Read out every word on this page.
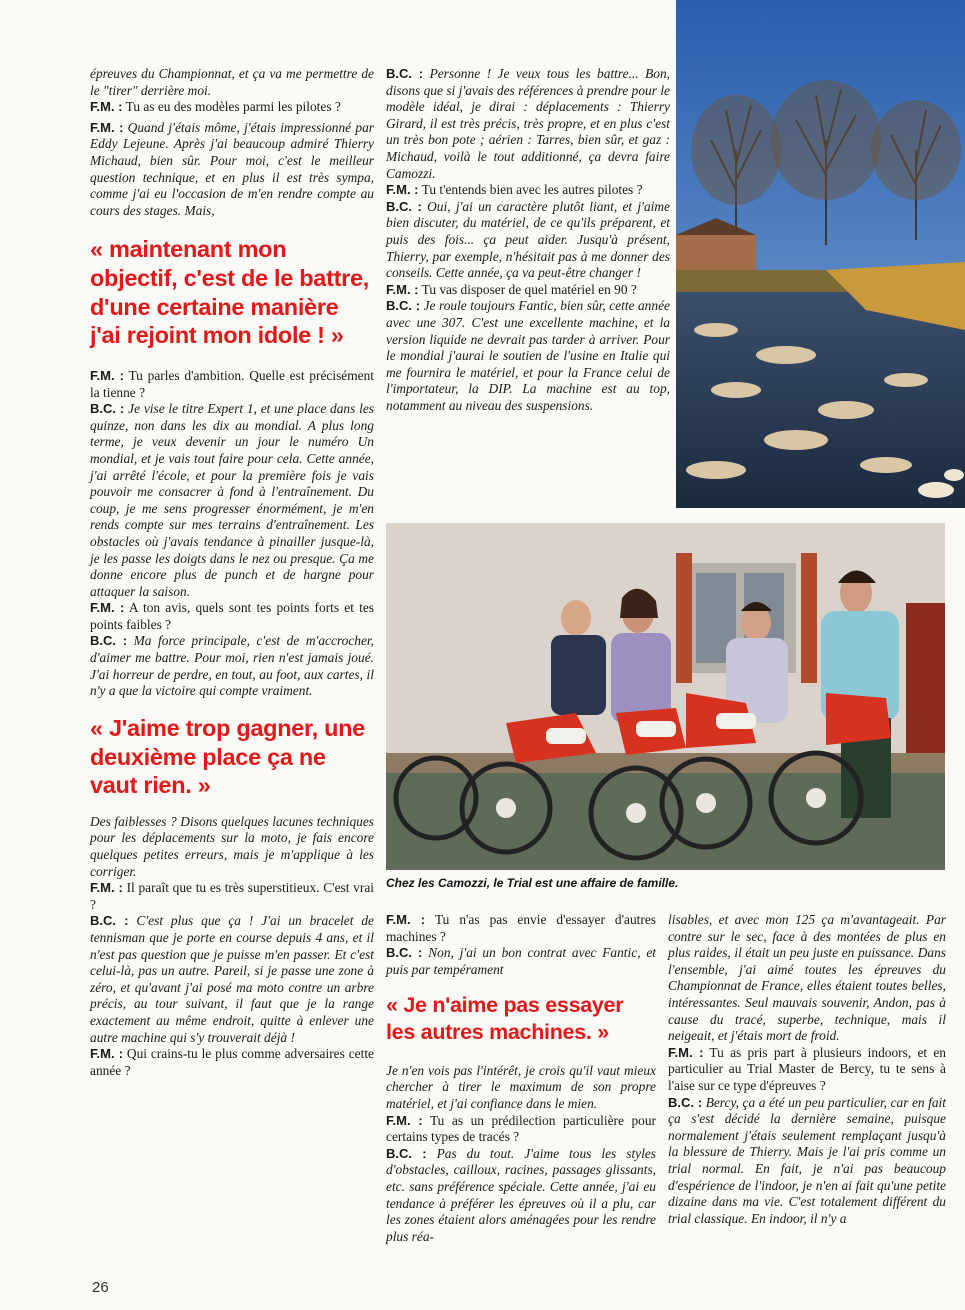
épreuves du Championnat, et ça va me permettre de le "tirer" derrière moi.

F.M. : Tu as eu des modèles parmi les pilotes ?

F.M. : Quand j'étais môme, j'étais impressionné par Eddy Lejeune. Après j'ai beaucoup admiré Thierry Michaud, bien sûr. Pour moi, c'est le meilleur question technique, et en plus il est très sympa, comme j'ai eu l'occasion de m'en rendre compte au cours des stages. Mais,

« maintenant mon objectif, c'est de le battre, d'une certaine manière j'ai rejoint mon idole ! »

F.M. : Tu parles d'ambition. Quelle est précisément la tienne ?

B.C. : Je vise le titre Expert 1, et une place dans les quinze, non dans les dix au mondial. A plus long terme, je veux devenir un jour le numéro Un mondial, et je vais tout faire pour cela. Cette année, j'ai arrêté l'école, et pour la première fois je vais pouvoir me consacrer à fond à l'entraînement. Du coup, je me sens progresser énormément, je m'en rends compte sur mes terrains d'entraînement. Les obstacles où j'avais tendance à pinailler jusque-là, je les passe les doigts dans le nez ou presque. Ça me donne encore plus de punch et de hargne pour attaquer la saison.

F.M. : A ton avis, quels sont tes points forts et tes points faibles ?

B.C. : Ma force principale, c'est de m'accrocher, d'aimer me battre. Pour moi, rien n'est jamais joué. J'ai horreur de perdre, en tout, au foot, aux cartes, il n'y a que la victoire qui compte vraiment.

« J'aime trop gagner, une deuxième place ça ne vaut rien. »

Des faiblesses ? Disons quelques lacunes techniques pour les déplacements sur la moto, je fais encore quelques petites erreurs, mais je m'applique à les corriger.

F.M. : Il paraît que tu es très superstitieux. C'est vrai ?

B.C. : C'est plus que ça ! J'ai un bracelet de tennisman que je porte en course depuis 4 ans, et il n'est pas question que je puisse m'en passer. Et c'est celui-là, pas un autre. Pareil, si je passe une zone à zéro, et qu'avant j'ai posé ma moto contre un arbre précis, au tour suivant, il faut que je la range exactement au même endroit, quitte à enlever une autre machine qui s'y trouverait déjà !

F.M. : Qui crains-tu le plus comme adversaires cette année ?

B.C. : Personne ! Je veux tous les battre... Bon, disons que si j'avais des références à prendre pour le modèle idéal, je dirai : déplacements : Thierry Girard, il est très précis, très propre, et en plus c'est un très bon pote ; aérien : Tarres, bien sûr, et gaz : Michaud, voilà le tout additionné, ça devra faire Camozzi.

F.M. : Tu t'entends bien avec les autres pilotes ?

B.C. : Oui, j'ai un caractère plutôt liant, et j'aime bien discuter, du matériel, de ce qu'ils préparent, et puis des fois... ça peut aider. Jusqu'à présent, Thierry, par exemple, n'hésitait pas à me donner des conseils. Cette année, ça va peut-être changer !

F.M. : Tu vas disposer de quel matériel en 90 ?

B.C. : Je roule toujours Fantic, bien sûr, cette année avec une 307. C'est une excellente machine, et la version liquide ne devrait pas tarder à arriver. Pour le mondial j'aurai le soutien de l'usine en Italie qui me fournira le matériel, et pour la France celui de l'importateur, la DIP. La machine est au top, notamment au niveau des suspensions.

Chez les Camozzi, le Trial est une affaire de famille.

F.M. : Tu n'as pas envie d'essayer d'autres machines ?

B.C. : Non, j'ai un bon contrat avec Fantic, et puis par tempérament

« Je n'aime pas essayer les autres machines. »

Je n'en vois pas l'intérêt, je crois qu'il vaut mieux chercher à tirer le maximum de son propre matériel, et j'ai confiance dans le mien.

F.M. : Tu as un prédilection particulière pour certains types de tracés ?

B.C. : Pas du tout. J'aime tous les styles d'obstacles, cailloux, racines, passages glissants, etc. sans préférence spéciale. Cette année, j'ai eu tendance à préférer les épreuves où il a plu, car les zones étaient alors aménagées pour les rendre plus réa-

lisables, et avec mon 125 ça m'avantageait. Par contre sur le sec, face à des montées de plus en plus raides, il était un peu juste en puissance. Dans l'ensemble, j'ai aimé toutes les épreuves du Championnat de France, elles étaient toutes belles, intéressantes. Seul mauvais souvenir, Andon, pas à cause du tracé, superbe, technique, mais il neigeait, et j'étais mort de froid.

F.M. : Tu as pris part à plusieurs indoors, et en particulier au Trial Master de Bercy, tu te sens à l'aise sur ce type d'épreuves ?

B.C. : Bercy, ça a été un peu particulier, car en fait ça s'est décidé la dernière semaine, puisque normalement j'étais seulement remplaçant jusqu'à la blessure de Thierry. Mais je l'ai pris comme un trial normal. En fait, je n'ai pas beaucoup d'espérience de l'indoor, je n'en ai fait qu'une petite dizaine dans ma vie. C'est totalement différent du trial classique. En indoor, il n'y a

26
